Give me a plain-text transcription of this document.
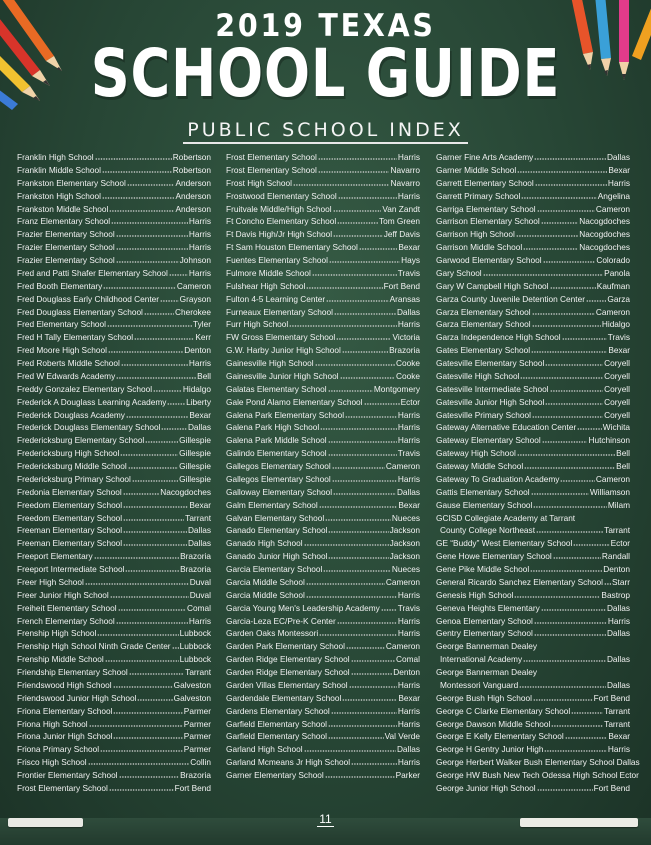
2019 TEXAS
SCHOOL GUIDE
PUBLIC SCHOOL INDEX
Franklin High School	Robertson
Franklin Middle School	Robertson
Frankston Elementary School	Anderson
Frankston High School	Anderson
Frankston Middle School	Anderson
Franz Elementary School	Harris
Frazier Elementary School	Harris
Frazier Elementary School	Harris
Frazier Elementary School	Johnson
Fred and Patti Shafer Elementary School	Harris
Fred Booth Elementary	Cameron
Fred Douglass Early Childhood Center Grayson
Fred Douglass Elementary School	Cherokee
Fred Elementary School	Tyler
Fred H Tally Elementary School	Kerr
Fred Moore High School	Denton
Fred Roberts Middle School	Harris
Fred W Edwards Academy	Bell
Freddy Gonzalez Elementary School	Hidalgo
Frederick A Douglass Learning Academy Liberty
Frederick Douglass Academy	Bexar
Frederick Douglass Elementary School	Dallas
Fredericksburg Elementary School	Gillespie
Fredericksburg High School	Gillespie
Fredericksburg Middle School	Gillespie
Fredericksburg Primary School	Gillespie
Fredonia Elementary School	Nacogdoches
Freedom Elementary School	Bexar
Freedom Elementary School	Tarrant
Freeman Elementary School	Dallas
Freeman Elementary School	Dallas
Freeport Elementary	Brazoria
Freeport Intermediate School	Brazoria
Freer High School	Duval
Freer Junior High School	Duval
Freiheit Elementary School	Comal
French Elementary School	Harris
Frenship High School	Lubbock
Frenship High School Ninth Grade Center Lubbock
Frenship Middle School	Lubbock
Friendship Elementary School	Tarrant
Friendswood High School	Galveston
Friendswood Junior High School	Galveston
Friona Elementary School	Parmer
Friona High School	Parmer
Friona Junior High School	Parmer
Friona Primary School	Parmer
Frisco High School	Collin
Frontier Elementary School	Brazoria
Frost Elementary School	Fort Bend
Frost Elementary School	Harris
Frost Elementary School	Navarro
Frost High School	Navarro
Frostwood Elementary School	Harris
Fruitvale Middle/High School	Van Zandt
Ft Concho Elementary School	Tom Green
Ft Davis High/Jr High School	Jeff Davis
Ft Sam Houston Elementary School	Bexar
Fuentes Elementary School	Hays
Fulmore Middle School	Travis
Fulshear High School	Fort Bend
Fulton 4-5 Learning Center	Aransas
Furneaux Elementary School	Dallas
Furr High School	Harris
FW Gross Elementary School	Victoria
G.W. Harby Junior High School	Brazoria
Gainesville High School	Cooke
Gainesville Junior High School	Cooke
Galatas Elementary School	Montgomery
Gale Pond Alamo Elementary School	Ector
Galena Park Elementary School	Harris
Galena Park High School	Harris
Galena Park Middle School	Harris
Galindo Elementary School	Travis
Gallegos Elementary School	Cameron
Gallegos Elementary School	Harris
Galloway Elementary School	Dallas
Galm Elementary School	Bexar
Galvan Elementary School	Nueces
Ganado Elementary School	Jackson
Ganado High School	Jackson
Ganado Junior High School	Jackson
Garcia Elementary School	Nueces
Garcia Middle School	Cameron
Garcia Middle School	Harris
Garcia Young Men's Leadership Academy Travis
Garcia-Leza EC/Pre-K Center	Harris
Garden Oaks Montessori	Harris
Garden Park Elementary School	Cameron
Garden Ridge Elementary School	Comal
Garden Ridge Elementary School	Denton
Garden Villas Elementary School	Harris
Gardendale Elementary School	Bexar
Gardens Elementary School	Harris
Garfield Elementary School	Harris
Garfield Elementary School	Val Verde
Garland High School	Dallas
Garland Mcmeans Jr High School	Harris
Garner Elementary School	Parker
Garner Fine Arts Academy	Dallas
Garner Middle School	Bexar
Garrett Elementary School	Harris
Garrett Primary School	Angelina
Garriga Elementary School	Cameron
Garrison Elementary School	Nacogdoches
Garrison High School	Nacogdoches
Garrison Middle School	Nacogdoches
Garwood Elementary School	Colorado
Gary School	Panola
Gary W Campbell High School	Kaufman
Garza County Juvenile Detention Center	Garza
Garza Elementary School	Cameron
Garza Elementary School	Hidalgo
Garza Independence High School	Travis
Gates Elementary School	Bexar
Gatesville Elementary School	Coryell
Gatesville High School	Coryell
Gatesville Intermediate School	Coryell
Gatesville Junior High School	Coryell
Gatesville Primary School	Coryell
Gateway Alternative Education Center	Wichita
Gateway Elementary School	Hutchinson
Gateway High School	Bell
Gateway Middle School	Bell
Gateway To Graduation Academy	Cameron
Gattis Elementary School	Williamson
Gause Elementary School	Milam
GCISD Collegiate Academy at Tarrant
County College Northeast	Tarrant
GE “Buddy” West Elementary School	Ector
Gene Howe Elementary School	Randall
Gene Pike Middle School	Denton
General Ricardo Sanchez Elementary School Starr
Genesis High School	Bastrop
Geneva Heights Elementary	Dallas
Genoa Elementary School	Harris
Gentry Elementary School	Dallas
George Bannerman Dealey
International Academy	Dallas
George Bannerman Dealey
Montessori Vanguard	Dallas
George Bush High School	Fort Bend
George C Clarke Elementary School	Tarrant
George Dawson Middle School	Tarrant
George E Kelly Elementary School	Bexar
George H Gentry Junior High	Harris
George Herbert Walker Bush Elementary School Dallas
George HW Bush New Tech Odessa High School Ector
George Junior High School	Fort Bend
11
